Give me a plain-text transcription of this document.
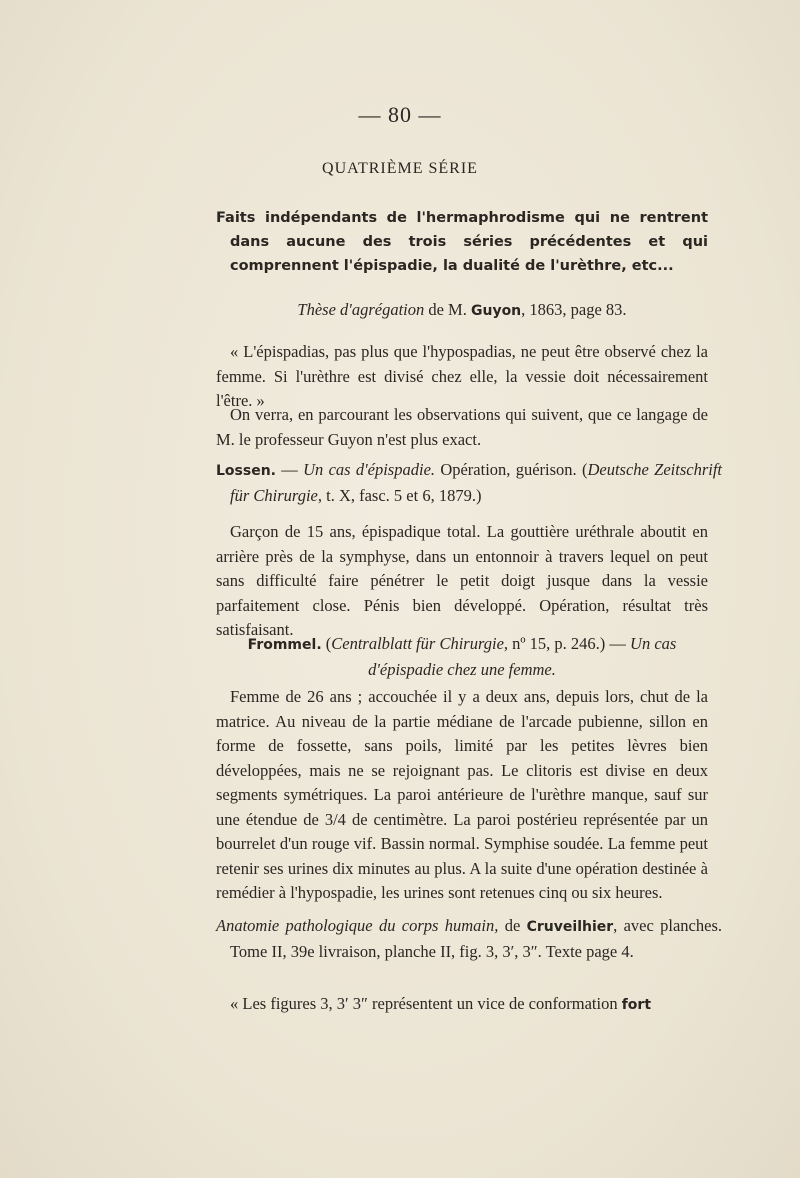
— 80 —
QUATRIÈME SÉRIE
Faits indépendants de l'hermaphrodisme qui ne rentrent dans aucune des trois séries précédentes et qui comprennent l'épispadie, la dualité de l'urèthre, etc...
Thèse d'agrégation de M. Guyon, 1863, page 83.
« L'épispadias, pas plus que l'hypospadias, ne peut être observé chez la femme. Si l'urèthre est divisé chez elle, la vessie doit nécessairement l'être. »
On verra, en parcourant les observations qui suivent, que ce langage de M. le professeur Guyon n'est plus exact.
Lossen. — Un cas d'épispadie. Opération, guérison. (Deutsche Zeitschrift für Chirurgie, t. X, fasc. 5 et 6, 1879.)
Garçon de 15 ans, épispadique total. La gouttière uréthrale aboutit en arrière près de la symphyse, dans un entonnoir à travers lequel on peut sans difficulté faire pénétrer le petit doigt jusque dans la vessie parfaitement close. Pénis bien développé. Opération, résultat très satisfaisant.
Frommel. (Centralblatt für Chirurgie, nº 15, p. 246.) — Un cas d'épispadie chez une femme.
Femme de 26 ans ; accouchée il y a deux ans, depuis lors, chut de la matrice. Au niveau de la partie médiane de l'arcade pubienne, sillon en forme de fossette, sans poils, limité par les petites lèvres bien développées, mais ne se rejoignant pas. Le clitoris est divise en deux segments symétriques. La paroi antérieure de l'urèthre manque, sauf sur une étendue de 3/4 de centimètre. La paroi postérieu représentée par un bourrelet d'un rouge vif. Bassin normal. Symphise soudée. La femme peut retenir ses urines dix minutes au plus. A la suite d'une opération destinée à remédier à l'hypospadie, les urines sont retenues cinq ou six heures.
Anatomie pathologique du corps humain, de Cruveilhier, avec planches. Tome II, 39e livraison, planche II, fig. 3, 3′, 3″. Texte page 4.
« Les figures 3, 3′ 3″ représentent un vice de conformation fort
